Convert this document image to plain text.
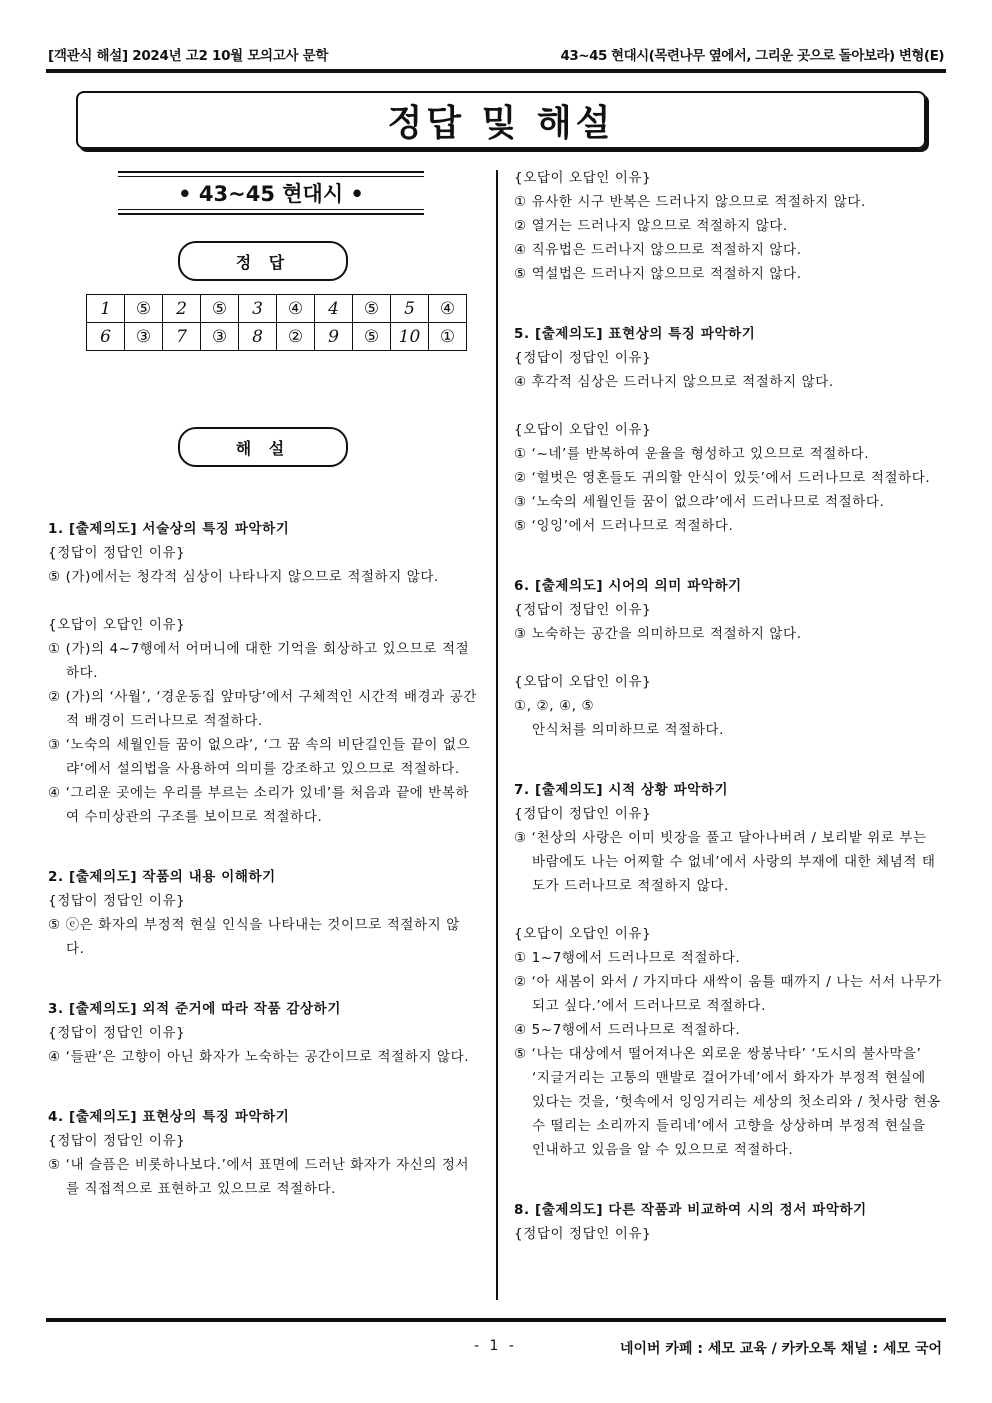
[객관식 해설] 2024년 고2 10월 모의고사 문학	43~45 현대시(목련나무 옆에서, 그리운 곳으로 돌아보라) 변형(E)
정답 및 해설
• 43~45 현대시 •
정 답
1	⑤	2	⑤	3	④	4	⑤	5	④
6	③	7	③	8	②	9	⑤	10	①
해 설

1. [출제의도] 서술상의 특징 파악하기

{정답이 정답인 이유}

⑤ (가)에서는 청각적 심상이 나타나지 않으므로 적절하지 않다.

{오답이 오답인 이유}

① (가)의 4~7행에서 어머니에 대한 기억을 회상하고 있으므로 적절하다.

② (가)의 ‘사월’, ‘경운동집 앞마당’에서 구체적인 시간적 배경과 공간적 배경이 드러나므로 적절하다.

③ ‘노숙의 세월인들 꿈이 없으랴’, ‘그 꿈 속의 비단길인들 끝이 없으랴’에서 설의법을 사용하여 의미를 강조하고 있으므로 적절하다.

④ ‘그리운 곳에는 우리를 부르는 소리가 있네’를 처음과 끝에 반복하여 수미상관의 구조를 보이므로 적절하다.

2. [출제의도] 작품의 내용 이해하기

{정답이 정답인 이유}

⑤ ⓔ은 화자의 부정적 현실 인식을 나타내는 것이므로 적절하지 않다.

3. [출제의도] 외적 준거에 따라 작품 감상하기

{정답이 정답인 이유}

④ ‘들판’은 고향이 아닌 화자가 노숙하는 공간이므로 적절하지 않다.

4. [출제의도] 표현상의 특징 파악하기

{정답이 정답인 이유}

⑤ ‘내 슬픔은 비롯하나보다.’에서 표면에 드러난 화자가 자신의 정서를 직접적으로 표현하고 있으므로 적절하다.

{오답이 오답인 이유}

① 유사한 시구 반복은 드러나지 않으므로 적절하지 않다.

② 열거는 드러나지 않으므로 적절하지 않다.

④ 직유법은 드러나지 않으므로 적절하지 않다.

⑤ 역설법은 드러나지 않으므로 적절하지 않다.

5. [출제의도] 표현상의 특징 파악하기

{정답이 정답인 이유}

④ 후각적 심상은 드러나지 않으므로 적절하지 않다.

{오답이 오답인 이유}

① ‘~네’를 반복하여 운율을 형성하고 있으므로 적절하다.

② ‘헐벗은 영혼들도 귀의할 안식이 있듯’에서 드러나므로 적절하다.

③ ‘노숙의 세월인들 꿈이 없으랴’에서 드러나므로 적절하다.

⑤ ‘잉잉’에서 드러나므로 적절하다.

6. [출제의도] 시어의 의미 파악하기

{정답이 정답인 이유}

③ 노숙하는 공간을 의미하므로 적절하지 않다.

{오답이 오답인 이유}

①, ②, ④, ⑤

안식처를 의미하므로 적절하다.

7. [출제의도] 시적 상황 파악하기

{정답이 정답인 이유}

③ ‘천상의 사랑은 이미 빗장을 풀고 달아나버려 / 보리밭 위로 부는 바람에도 나는 어찌할 수 없네’에서 사랑의 부재에 대한 체념적 태도가 드러나므로 적절하지 않다.

{오답이 오답인 이유}

① 1~7행에서 드러나므로 적절하다.

② ‘아 새봄이 와서 / 가지마다 새싹이 움틀 때까지 / 나는 서서 나무가 되고 싶다.’에서 드러나므로 적절하다.

④ 5~7행에서 드러나므로 적절하다.

⑤ ‘나는 대상에서 떨어져나온 외로운 쌍봉낙타’ ‘도시의 불사막을’ ‘지글거리는 고통의 맨발로 걸어가네’에서 화자가 부정적 현실에 있다는 것을, ‘헛속에서 잉잉거리는 세상의 첫소리와 / 첫사랑 현옹수 떨리는 소리까지 들리네’에서 고향을 상상하며 부정적 현실을 인내하고 있음을 알 수 있으므로 적절하다.

8. [출제의도] 다른 작품과 비교하여 시의 정서 파악하기

{정답이 정답인 이유}

- 1 -	네이버 카페 : 세모 교육 / 카카오톡 채널 : 세모 국어
